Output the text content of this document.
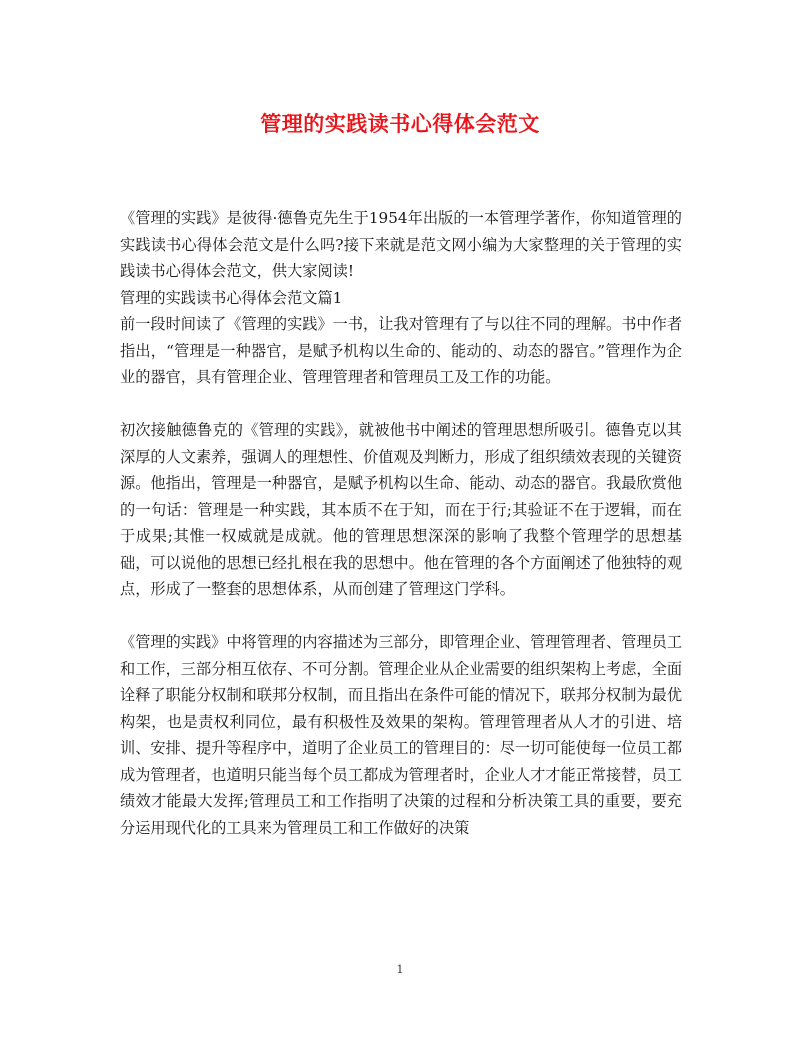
管理的实践读书心得体会范文

《管理的实践》是彼得·德鲁克先生于1954年出版的一本管理学著作，你知道管理的实践读书心得体会范文是什么吗?接下来就是范文网小编为大家整理的关于管理的实践读书心得体会范文，供大家阅读!

管理的实践读书心得体会范文篇1

前一段时间读了《管理的实践》一书，让我对管理有了与以往不同的理解。书中作者指出，“管理是一种器官，是赋予机构以生命的、能动的、动态的器官。”管理作为企业的器官，具有管理企业、管理管理者和管理员工及工作的功能。

初次接触德鲁克的《管理的实践》，就被他书中阐述的管理思想所吸引。德鲁克以其深厚的人文素养，强调人的理想性、价值观及判断力，形成了组织绩效表现的关键资源。他指出，管理是一种器官，是赋予机构以生命、能动、动态的器官。我最欣赏他的一句话：管理是一种实践，其本质不在于知，而在于行;其验证不在于逻辑，而在于成果;其惟一权威就是成就。他的管理思想深深的影响了我整个管理学的思想基础，可以说他的思想已经扎根在我的思想中。他在管理的各个方面阐述了他独特的观点，形成了一整套的思想体系，从而创建了管理这门学科。

《管理的实践》中将管理的内容描述为三部分，即管理企业、管理管理者、管理员工和工作，三部分相互依存、不可分割。管理企业从企业需要的组织架构上考虑，全面诠释了职能分权制和联邦分权制，而且指出在条件可能的情况下，联邦分权制为最优构架，也是责权利同位，最有积极性及效果的架构。管理管理者从人才的引进、培训、安排、提升等程序中，道明了企业员工的管理目的：尽一切可能使每一位员工都成为管理者，也道明只能当每个员工都成为管理者时，企业人才才能正常接替，员工绩效才能最大发挥;管理员工和工作指明了决策的过程和分析决策工具的重要，要充分运用现代化的工具来为管理员工和工作做好的决策

1
